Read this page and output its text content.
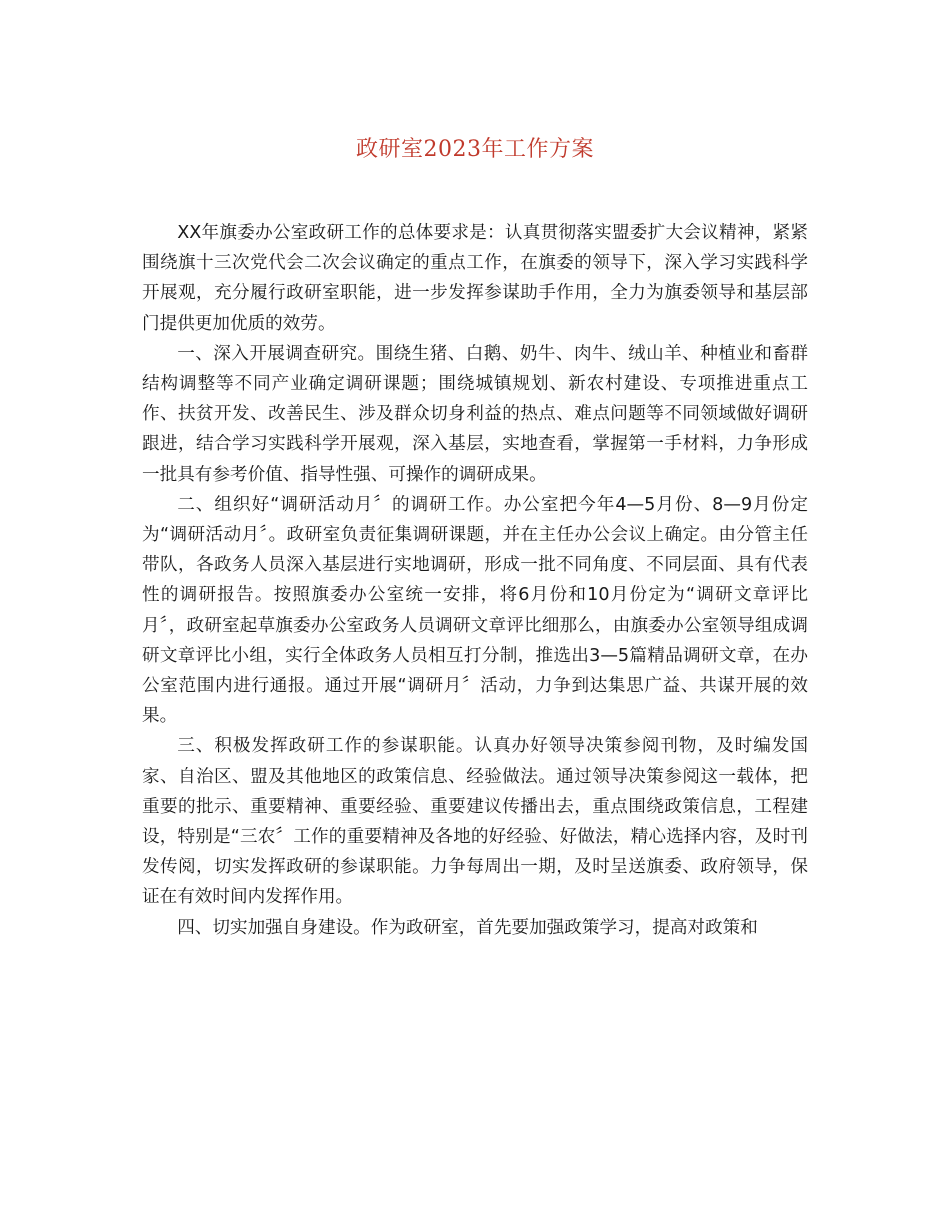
政研室2023年工作方案

XX年旗委办公室政研工作的总体要求是：认真贯彻落实盟委扩大会议精神，紧紧围绕旗十三次党代会二次会议确定的重点工作，在旗委的领导下，深入学习实践科学开展观，充分履行政研室职能，进一步发挥参谋助手作用，全力为旗委领导和基层部门提供更加优质的效劳。

一、深入开展调查研究。围绕生猪、白鹅、奶牛、肉牛、绒山羊、种植业和畜群结构调整等不同产业确定调研课题；围绕城镇规划、新农村建设、专项推进重点工作、扶贫开发、改善民生、涉及群众切身利益的热点、难点问题等不同领域做好调研跟进，结合学习实践科学开展观，深入基层，实地查看，掌握第一手材料，力争形成一批具有参考价值、指导性强、可操作的调研成果。

二、组织好“调研活动月〞的调研工作。办公室把今年4—5月份、8—9月份定为“调研活动月〞。政研室负责征集调研课题，并在主任办公会议上确定。由分管主任带队，各政务人员深入基层进行实地调研，形成一批不同角度、不同层面、具有代表性的调研报告。按照旗委办公室统一安排，将6月份和10月份定为“调研文章评比月〞，政研室起草旗委办公室政务人员调研文章评比细那么，由旗委办公室领导组成调研文章评比小组，实行全体政务人员相互打分制，推选出3—5篇精品调研文章，在办公室范围内进行通报。通过开展“调研月〞活动，力争到达集思广益、共谋开展的效果。

三、积极发挥政研工作的参谋职能。认真办好领导决策参阅刊物，及时编发国家、自治区、盟及其他地区的政策信息、经验做法。通过领导决策参阅这一载体，把重要的批示、重要精神、重要经验、重要建议传播出去，重点围绕政策信息，工程建设，特别是“三农〞工作的重要精神及各地的好经验、好做法，精心选择内容，及时刊发传阅，切实发挥政研的参谋职能。力争每周出一期，及时呈送旗委、政府领导，保证在有效时间内发挥作用。

四、切实加强自身建设。作为政研室，首先要加强政策学习，提高对政策和
